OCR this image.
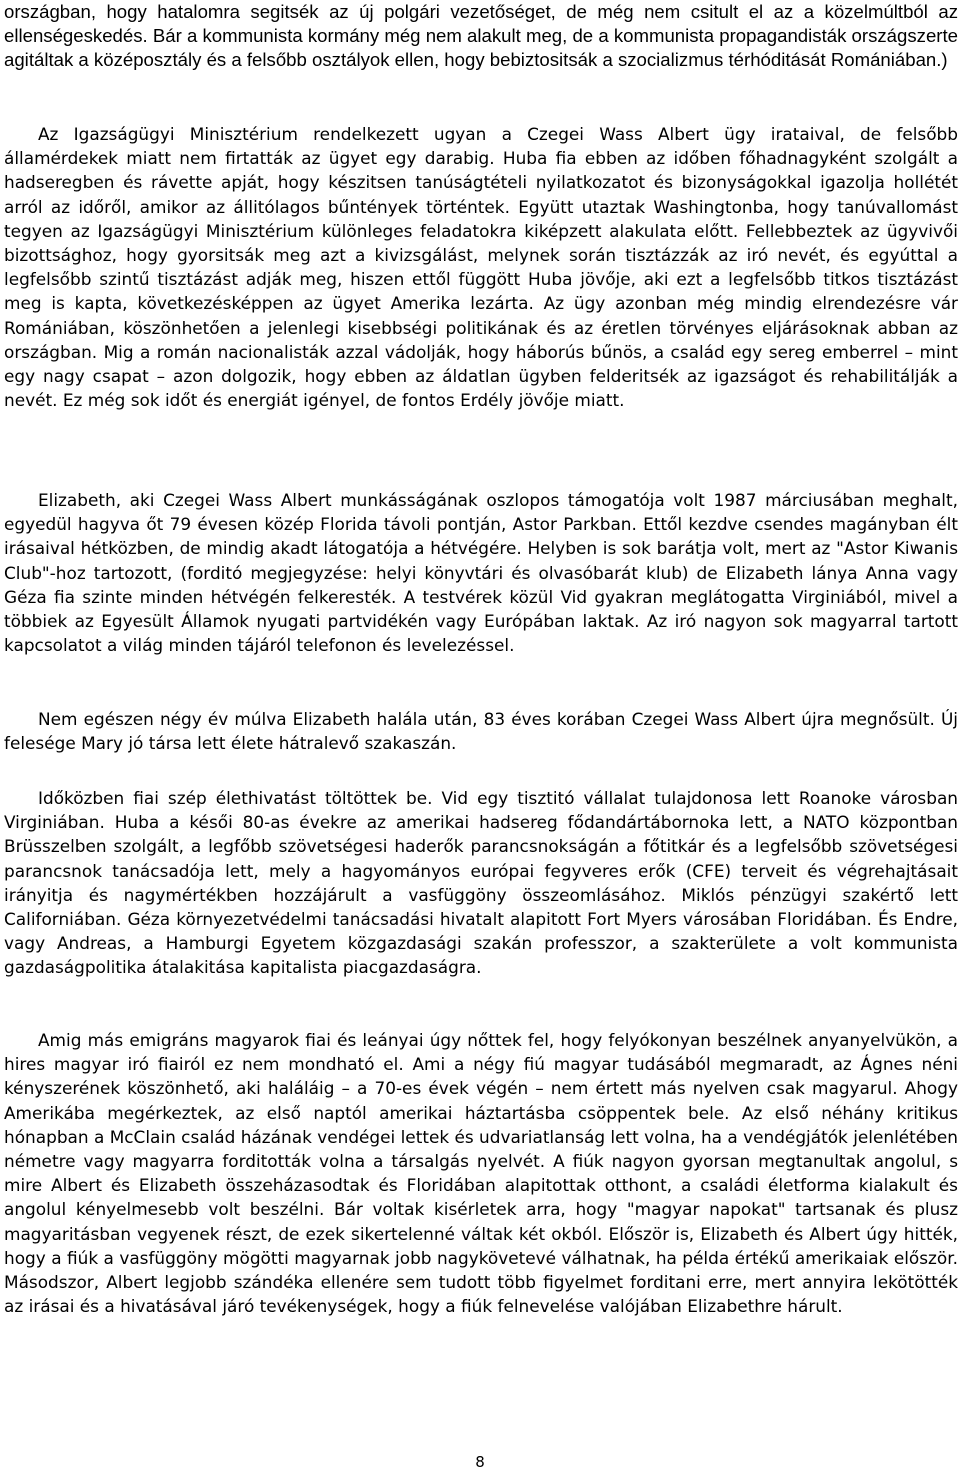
országban, hogy hatalomra segitsék az új polgári vezetőséget, de még nem csitult el az a közelmúltból az ellenségeskedés. Bár a kommunista kormány még nem alakult meg, de a kommunista propagandisták országszerte agitáltak a középosztály és a felsőbb osztályok ellen, hogy bebiztositsák a szocializmus térhóditását Romániában.)

Az Igazságügyi Minisztérium rendelkezett ugyan a Czegei Wass Albert ügy irataival, de felsőbb államérdekek miatt nem firtatták az ügyet egy darabig. Huba fia ebben az időben főhadnagyként szolgált a hadseregben és rávette apját, hogy készitsen tanúságtételi nyilatkozatot és bizonyságokkal igazolja hollétét arról az időről, amikor az állitólagos bűntények történtek. Együtt utaztak Washingtonba, hogy tanúvallomást tegyen az Igazságügyi Minisztérium különleges feladatokra kiképzett alakulata előtt. Fellebbeztek az ügyvivői bizottsághoz, hogy gyorsitsák meg azt a kivizsgálást, melynek során tisztázzák az iró nevét, és egyúttal a legfelsőbb szintű tisztázást adják meg, hiszen ettől függött Huba jövője, aki ezt a legfelsőbb titkos tisztázást meg is kapta, következésképpen az ügyet Amerika lezárta. Az ügy azonban még mindig elrendezésre vár Romániában, köszönhetően a jelenlegi kisebbségi politikának és az éretlen törvényes eljárásoknak abban az országban. Mig a román nacionalisták azzal vádolják, hogy háborús bűnös, a család egy sereg emberrel – mint egy nagy csapat – azon dolgozik, hogy ebben az áldatlan ügyben felderitsék az igazságot és rehabilitálják a nevét. Ez még sok időt és energiát igényel, de fontos Erdély jövője miatt.

Elizabeth, aki Czegei Wass Albert munkásságának oszlopos támogatója volt 1987 márciusában meghalt, egyedül hagyva őt 79 évesen közép Florida távoli pontján, Astor Parkban. Ettől kezdve csendes magányban élt irásaival hétközben, de mindig akadt látogatója a hétvégére. Helyben is sok barátja volt, mert az "Astor Kiwanis Club"-hoz tartozott, (forditó megjegyzése: helyi könyvtári és olvasóbarát klub) de Elizabeth lánya Anna vagy Géza fia szinte minden hétvégén felkeresték. A testvérek közül Vid gyakran meglátogatta Virginiából, mivel a többiek az Egyesült Államok nyugati partvidékén vagy Európában laktak. Az iró nagyon sok magyarral tartott kapcsolatot a világ minden tájáról telefonon és levelezéssel.

Nem egészen négy év múlva Elizabeth halála után, 83 éves korában Czegei Wass Albert újra megnősült. Új felesége Mary jó társa lett élete hátralevő szakaszán.

Időközben fiai szép élethivatást töltöttek be. Vid egy tisztitó vállalat tulajdonosa lett Roanoke városban Virginiában. Huba a késői 80-as évekre az amerikai hadsereg fődandártábornoka lett, a NATO központban Brüsszelben szolgált, a legfőbb szövetségesi haderők parancsnokságán a főtitkár és a legfelsőbb szövetségesi parancsnok tanácsadója lett, mely a hagyományos európai fegyveres erők (CFE) terveit és végrehajtásait irányitja és nagymértékben hozzájárult a vasfüggöny összeomlásához. Miklós pénzügyi szakértő lett Californiában. Géza környezetvédelmi tanácsadási hivatalt alapitott Fort Myers városában Floridában. És Endre, vagy Andreas, a Hamburgi Egyetem közgazdasági szakán professzor, a szakterülete a volt kommunista gazdaságpolitika átalakitása kapitalista piacgazdaságra.

Amig más emigráns magyarok fiai és leányai úgy nőttek fel, hogy felyókonyan beszélnek anyanyelvükön, a hires magyar iró fiairól ez nem mondható el. Ami a négy fiú magyar tudásából megmaradt, az Ágnes néni kényszerének köszönhető, aki haláláig – a 70-es évek végén – nem értett más nyelven csak magyarul. Ahogy Amerikába megérkeztek, az első naptól amerikai háztartásba csöppentek bele. Az első néhány kritikus hónapban a McClain család házának vendégei lettek és udvariatlanság lett volna, ha a vendégjátók jelenlétében németre vagy magyarra forditották volna a társalgás nyelvét. A fiúk nagyon gyorsan megtanultak angolul, s mire Albert és Elizabeth összeházasodtak és Floridában alapitottak otthont, a családi életforma kialakult és angolul kényelmesebb volt beszélni. Bár voltak kisérletek arra, hogy "magyar napokat" tartsanak és plusz magyaritásban vegyenek részt, de ezek sikertelenné váltak két okból. Először is, Elizabeth és Albert úgy hitték, hogy a fiúk a vasfüggöny mögötti magyarnak jobb nagykövetevé válhatnak, ha példa értékű amerikaiak először. Másodszor, Albert legjobb szándéka ellenére sem tudott több figyelmet forditani erre, mert annyira lekötötték az irásai és a hivatásával járó tevékenységek, hogy a fiúk felnevelése valójában Elizabethre hárult.

8
